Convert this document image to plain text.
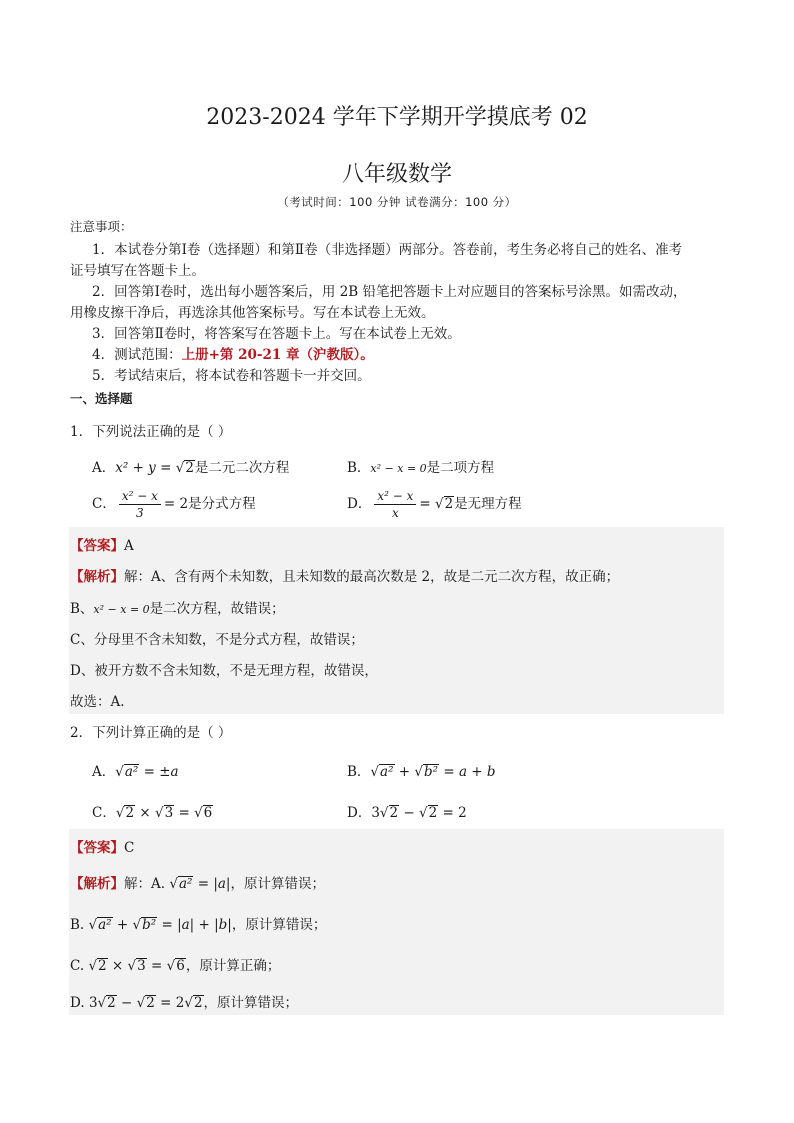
2023-2024 学年下学期开学摸底考 02
八年级数学
（考试时间：100 分钟 试卷满分：100 分）
注意事项：
1．本试卷分第Ⅰ卷（选择题）和第Ⅱ卷（非选择题）两部分。答卷前，考生务必将自己的姓名、准考
证号填写在答题卡上。
2．回答第Ⅰ卷时，选出每小题答案后，用 2B 铅笔把答题卡上对应题目的答案标号涂黑。如需改动，
用橡皮擦干净后，再选涂其他答案标号。写在本试卷上无效。
3．回答第Ⅱ卷时，将答案写在答题卡上。写在本试卷上无效。
4．测试范围：上册+第 20-21 章（沪教版）。
5．考试结束后，将本试卷和答题卡一并交回。
一、选择题
1．下列说法正确的是（ ）
A．x² + y = √ 2是二元二次方程	B．x² − x = 0是二项方程
C． $\frac{\text{x² − x}}{3} = 2$是分式方程	D． $\frac{\text{x² − x}}{x}$ = √ 2是无理方程
【答案】A
【解析】解：A、含有两个未知数，且未知数的最高次数是 2，故是二元二次方程，故正确；
B、x² − x = 0是二次方程，故错误；
C、分母里不含未知数，不是分式方程，故错误；
D、被开方数不含未知数，不是无理方程，故错误，
故选：A.
2．下列计算正确的是（ ）
A． √ a² = ±a	B． √ a² + √ b² = a + b
C． √ 2 × √ 3 = √ 6	D．3 √ 2 − √ 2 = 2
【答案】C
【解析】解：A. √ a² = |a|，原计算错误；
B. √ a² + √ b² = |a| + |b|，原计算错误；
C. √ 2 × √ 3 = √ 6，原计算正确；
D. 3 √ 2 − √ 2 = 2 √ 2，原计算错误；
